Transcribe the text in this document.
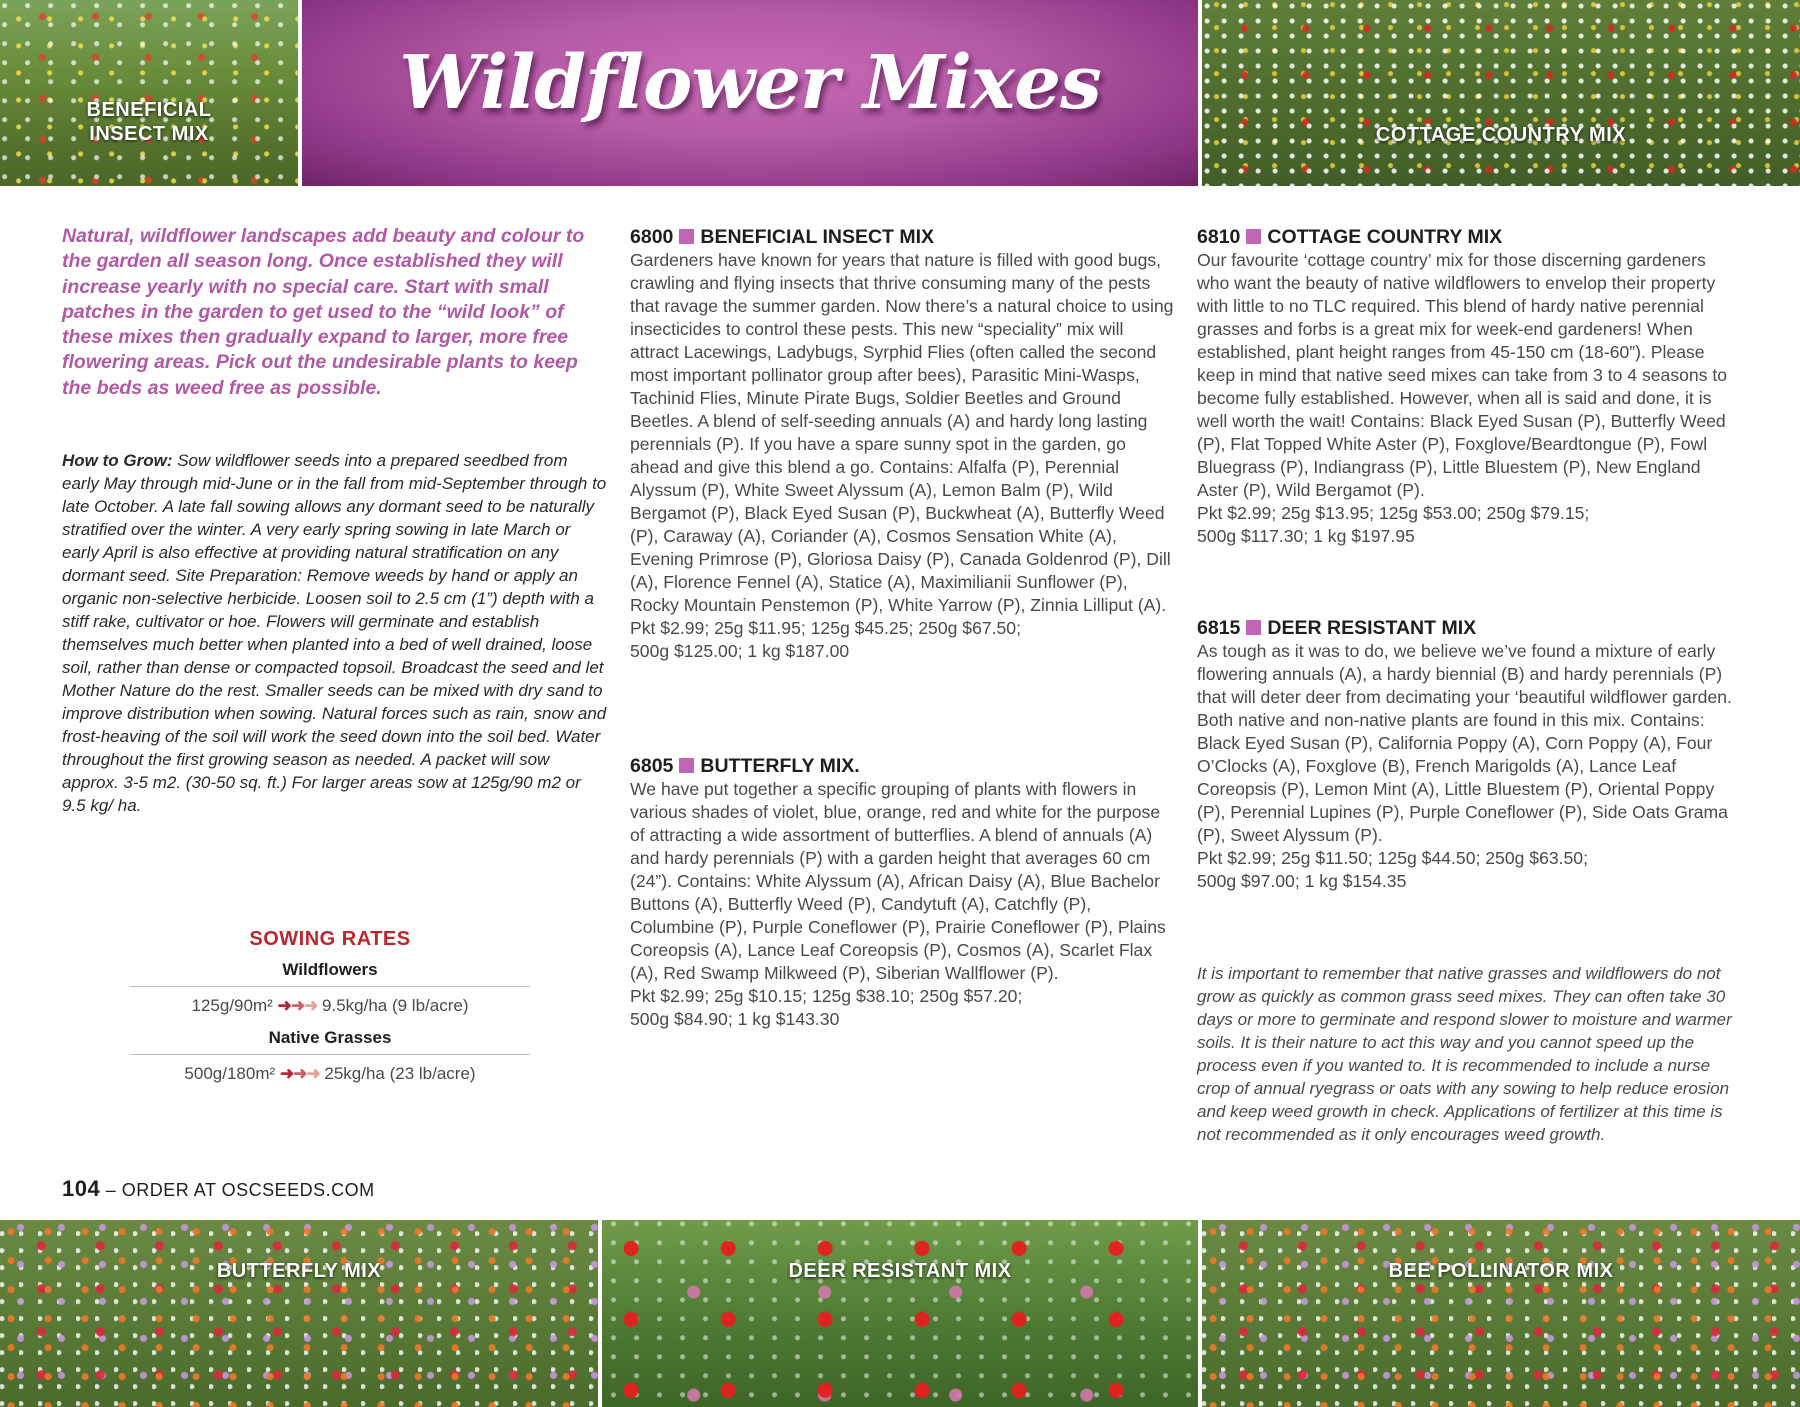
BENEFICIAL
INSECT MIX
Wildflower Mixes
COTTAGE COUNTRY MIX
Natural, wildflower landscapes add beauty and colour to the garden all season long. Once established they will increase yearly with no special care. Start with small patches in the garden to get used to the “wild look” of these mixes then gradually expand to larger, more free flowering areas. Pick out the undesirable plants to keep the beds as weed free as possible.
How to Grow: Sow wildflower seeds into a prepared seedbed from early May through mid-June or in the fall from mid-September through to late October. A late fall sowing allows any dormant seed to be naturally stratified over the winter. A very early spring sowing in late March or early April is also effective at providing natural stratification on any dormant seed. Site Preparation: Remove weeds by hand or apply an organic non-selective herbicide. Loosen soil to 2.5 cm (1”) depth with a stiff rake, cultivator or hoe. Flowers will germinate and establish themselves much better when planted into a bed of well drained, loose soil, rather than dense or compacted topsoil. Broadcast the seed and let Mother Nature do the rest. Smaller seeds can be mixed with dry sand to improve distribution when sowing. Natural forces such as rain, snow and frost-heaving of the soil will work the seed down into the soil bed. Water throughout the first growing season as needed. A packet will sow approx. 3-5 m2. (30-50 sq. ft.) For larger areas sow at 125g/90 m2 or 9.5 kg/ ha.
SOWING RATES
Wildflowers
125g/90m² ➜➜➜ 9.5kg/ha (9 lb/acre)
Native Grasses
500g/180m² ➜➜➜ 25kg/ha (23 lb/acre)
6800 BENEFICIAL INSECT MIX
Gardeners have known for years that nature is filled with good bugs, crawling and flying insects that thrive consuming many of the pests that ravage the summer garden. Now there’s a natural choice to using insecticides to control these pests. This new “speciality” mix will attract Lacewings, Ladybugs, Syrphid Flies (often called the second most important pollinator group after bees), Parasitic Mini-Wasps, Tachinid Flies, Minute Pirate Bugs, Soldier Beetles and Ground Beetles. A blend of self-seeding annuals (A) and hardy long lasting perennials (P). If you have a spare sunny spot in the garden, go ahead and give this blend a go. Contains: Alfalfa (P), Perennial Alyssum (P), White Sweet Alyssum (A), Lemon Balm (P), Wild Bergamot (P), Black Eyed Susan (P), Buckwheat (A), Butterfly Weed (P), Caraway (A), Coriander (A), Cosmos Sensation White (A), Evening Primrose (P), Gloriosa Daisy (P), Canada Goldenrod (P), Dill (A), Florence Fennel (A), Statice (A), Maximilianii Sunflower (P), Rocky Mountain Penstemon (P), White Yarrow (P), Zinnia Lilliput (A).
Pkt $2.99; 25g $11.95; 125g $45.25; 250g $67.50;
500g $125.00; 1 kg $187.00
6805 BUTTERFLY MIX.
We have put together a specific grouping of plants with flowers in various shades of violet, blue, orange, red and white for the purpose of attracting a wide assortment of butterflies. A blend of annuals (A) and hardy perennials (P) with a garden height that averages 60 cm (24”). Contains: White Alyssum (A), African Daisy (A), Blue Bachelor Buttons (A), Butterfly Weed (P), Candytuft (A), Catchfly (P), Columbine (P), Purple Coneflower (P), Prairie Coneflower (P), Plains Coreopsis (A), Lance Leaf Coreopsis (P), Cosmos (A), Scarlet Flax (A), Red Swamp Milkweed (P), Siberian Wallflower (P).
Pkt $2.99; 25g $10.15; 125g $38.10; 250g $57.20;
500g $84.90; 1 kg $143.30
6810 COTTAGE COUNTRY MIX
Our favourite ‘cottage country’ mix for those discerning gardeners who want the beauty of native wildflowers to envelop their property with little to no TLC required. This blend of hardy native perennial grasses and forbs is a great mix for week-end gardeners! When established, plant height ranges from 45-150 cm (18-60”). Please keep in mind that native seed mixes can take from 3 to 4 seasons to become fully established. However, when all is said and done, it is well worth the wait! Contains: Black Eyed Susan (P), Butterfly Weed (P), Flat Topped White Aster (P), Foxglove/Beardtongue (P), Fowl Bluegrass (P), Indiangrass (P), Little Bluestem (P), New England Aster (P), Wild Bergamot (P).
Pkt $2.99; 25g $13.95; 125g $53.00; 250g $79.15;
500g $117.30; 1 kg $197.95
6815 DEER RESISTANT MIX
As tough as it was to do, we believe we’ve found a mixture of early flowering annuals (A), a hardy biennial (B) and hardy perennials (P) that will deter deer from decimating your ‘beautiful wildflower garden. Both native and non-native plants are found in this mix. Contains: Black Eyed Susan (P), California Poppy (A), Corn Poppy (A), Four O’Clocks (A), Foxglove (B), French Marigolds (A), Lance Leaf Coreopsis (P), Lemon Mint (A), Little Bluestem (P), Oriental Poppy (P), Perennial Lupines (P), Purple Coneflower (P), Side Oats Grama (P), Sweet Alyssum (P).
Pkt $2.99; 25g $11.50; 125g $44.50; 250g $63.50;
500g $97.00; 1 kg $154.35
It is important to remember that native grasses and wildflowers do not grow as quickly as common grass seed mixes. They can often take 30 days or more to germinate and respond slower to moisture and warmer soils. It is their nature to act this way and you cannot speed up the process even if you wanted to. It is recommended to include a nurse crop of annual ryegrass or oats with any sowing to help reduce erosion and keep weed growth in check. Applications of fertilizer at this time is not recommended as it only encourages weed growth.
104 – ORDER AT OSCSEEDS.COM
BUTTERFLY MIX	DEER RESISTANT MIX	BEE POLLINATOR MIX
